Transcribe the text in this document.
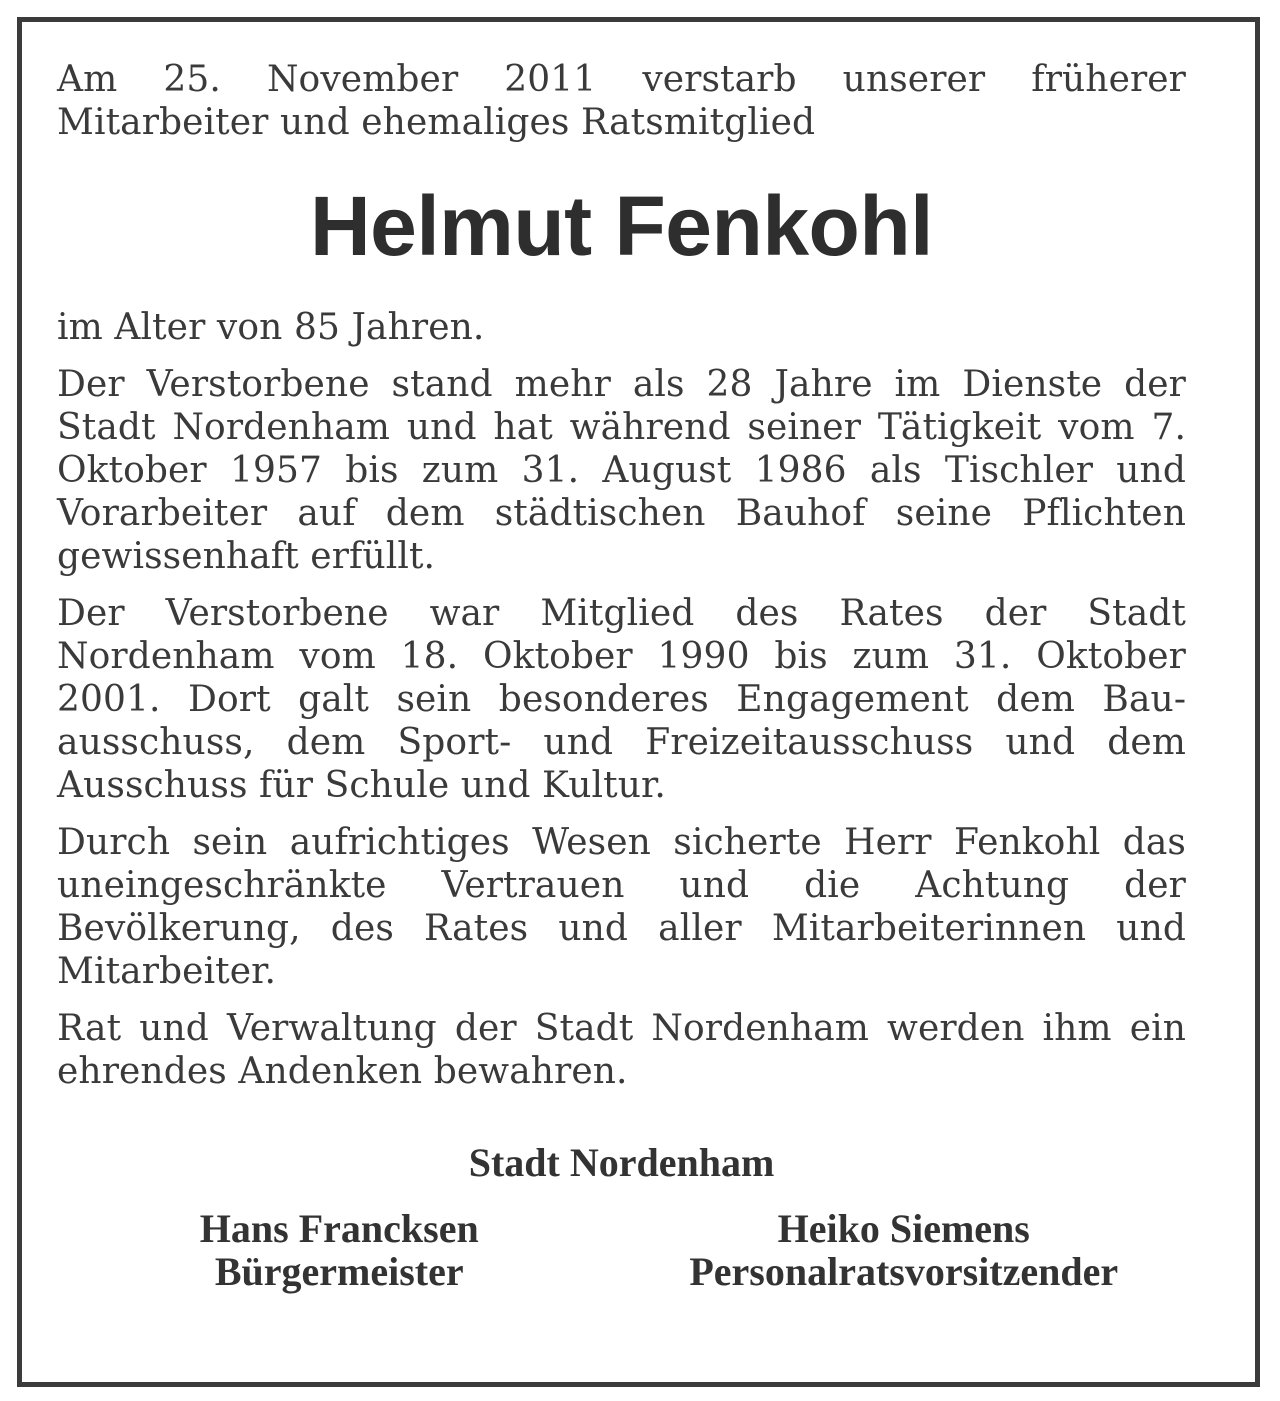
Am 25. November 2011 verstarb unserer früherer Mitarbeiter und ehemaliges Ratsmitglied

Helmut Fenkohl

im Alter von 85 Jahren.

Der Verstorbene stand mehr als 28 Jahre im Dienste der Stadt Nordenham und hat während seiner Tätigkeit vom 7. Oktober 1957 bis zum 31. August 1986 als Tischler und Vorarbeiter auf dem städtischen Bauhof seine Pflichten gewissenhaft erfüllt.

Der Verstorbene war Mitglied des Rates der Stadt Nordenham vom 18. Oktober 1990 bis zum 31. Oktober 2001. Dort galt sein besonderes Engagement dem Bauausschuss, dem Sport- und Freizeitausschuss und dem Ausschuss für Schule und Kultur.

Durch sein aufrichtiges Wesen sicherte Herr Fenkohl das uneingeschränkte Vertrauen und die Achtung der Bevölkerung, des Rates und aller Mitarbeiterinnen und Mitarbeiter.

Rat und Verwaltung der Stadt Nordenham werden ihm ein ehrendes Andenken bewahren.

Stadt Nordenham
Hans Francksen
Bürgermeister
Heiko Siemens
Personalratsvorsitzender
